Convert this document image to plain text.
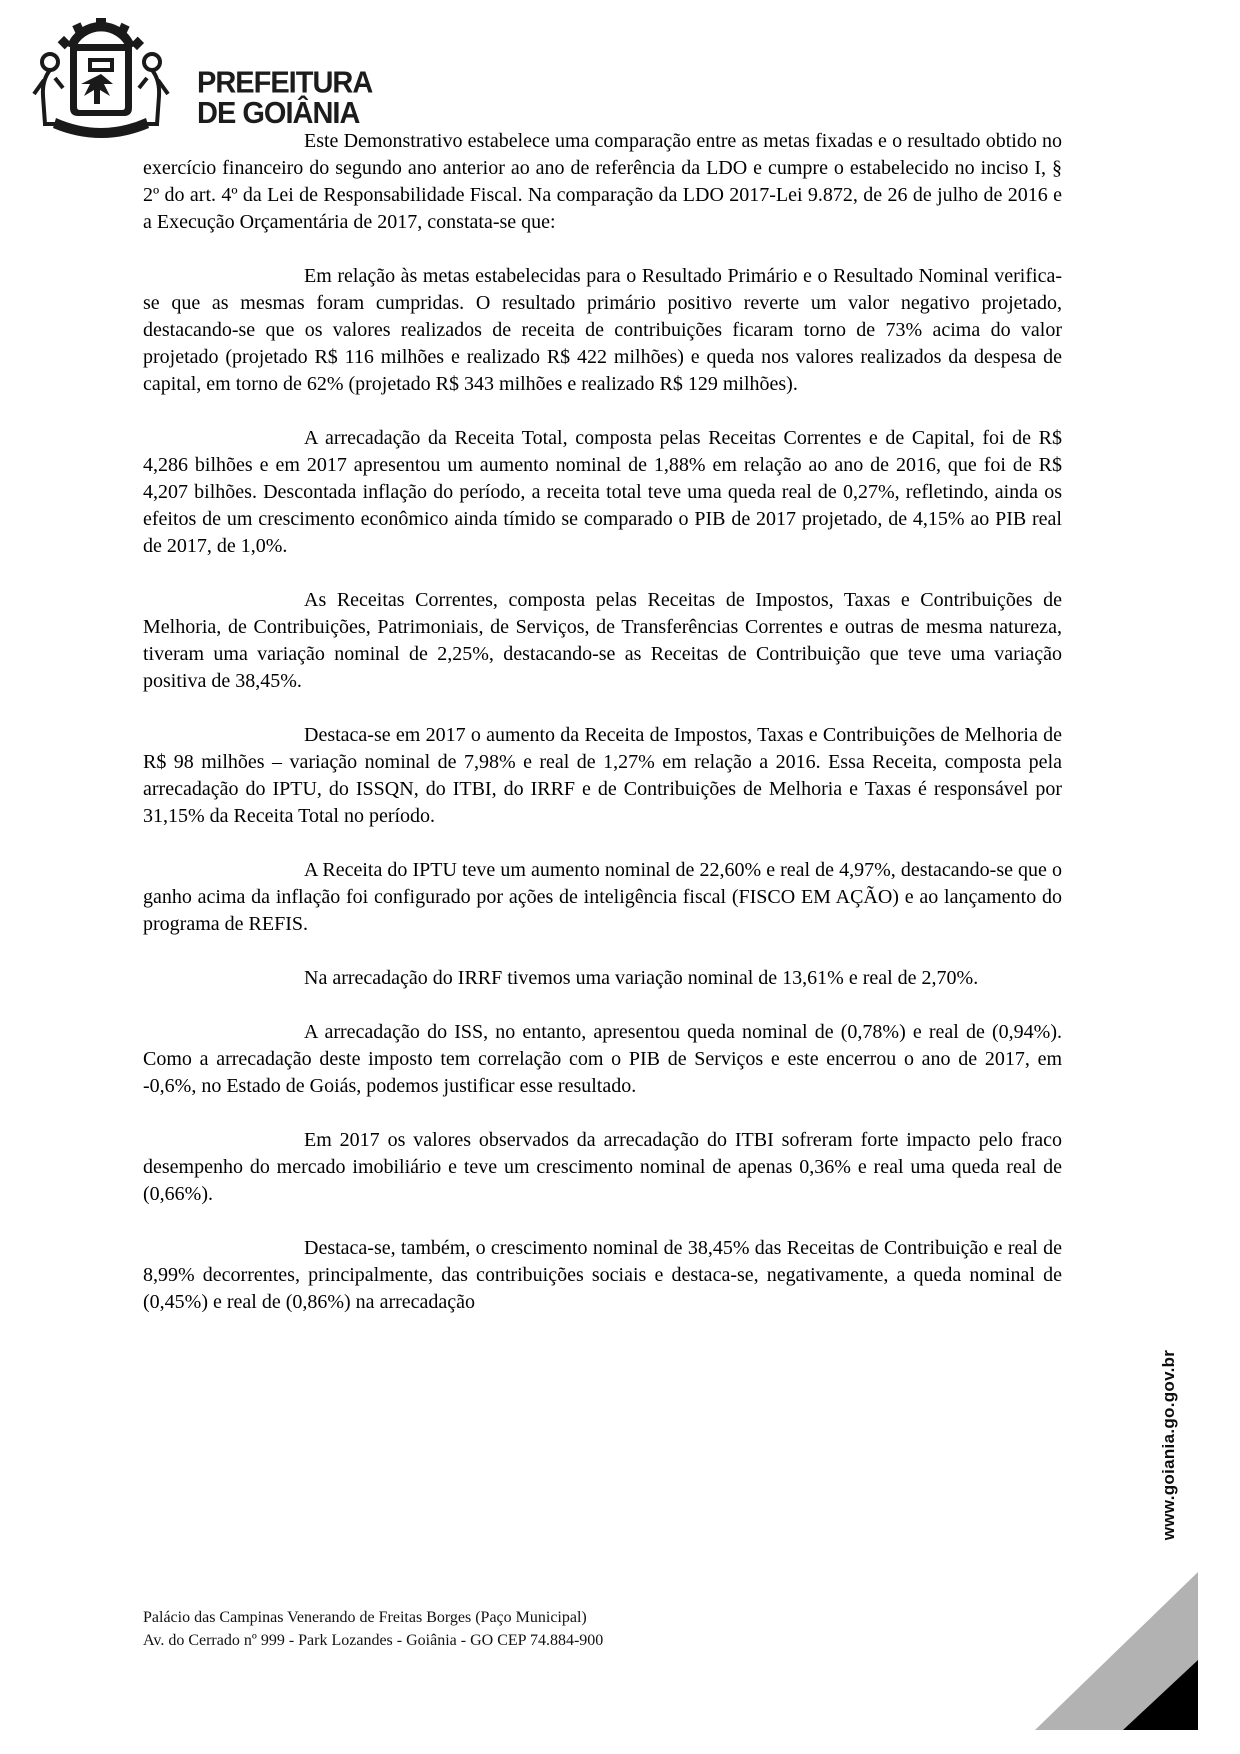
PREFEITURA
DE GOIÂNIA

Este Demonstrativo estabelece uma comparação entre as metas fixadas e o resultado obtido no exercício financeiro do segundo ano anterior ao ano de referência da LDO e cumpre o estabelecido no inciso I, § 2º do art. 4º da Lei de Responsabilidade Fiscal. Na comparação da LDO 2017-Lei 9.872, de 26 de julho de 2016 e a Execução Orçamentária de 2017, constata-se que:

Em relação às metas estabelecidas para o Resultado Primário e o Resultado Nominal verifica-se que as mesmas foram cumpridas. O resultado primário positivo reverte um valor negativo projetado, destacando-se que os valores realizados de receita de contribuições ficaram torno de 73% acima do valor projetado (projetado R$ 116 milhões e realizado R$ 422 milhões) e queda nos valores realizados da despesa de capital, em torno de 62% (projetado R$ 343 milhões e realizado R$ 129 milhões).

A arrecadação da Receita Total, composta pelas Receitas Correntes e de Capital, foi de R$ 4,286 bilhões e em 2017 apresentou um aumento nominal de 1,88% em relação ao ano de 2016, que foi de R$ 4,207 bilhões. Descontada inflação do período, a receita total teve uma queda real de 0,27%, refletindo, ainda os efeitos de um crescimento econômico ainda tímido se comparado o PIB de 2017 projetado, de 4,15% ao PIB real de 2017, de 1,0%.

As Receitas Correntes, composta pelas Receitas de Impostos, Taxas e Contribuições de Melhoria, de Contribuições, Patrimoniais, de Serviços, de Transferências Correntes e outras de mesma natureza, tiveram uma variação nominal de 2,25%, destacando-se as Receitas de Contribuição que teve uma variação positiva de 38,45%.

Destaca-se em 2017 o aumento da Receita de Impostos, Taxas e Contribuições de Melhoria de R$ 98 milhões – variação nominal de 7,98% e real de 1,27% em relação a 2016. Essa Receita, composta pela arrecadação do IPTU, do ISSQN, do ITBI, do IRRF e de Contribuições de Melhoria e Taxas é responsável por 31,15% da Receita Total no período.

A Receita do IPTU teve um aumento nominal de 22,60% e real de 4,97%, destacando-se que o ganho acima da inflação foi configurado por ações de inteligência fiscal (FISCO EM AÇÃO) e ao lançamento do programa de REFIS.

Na arrecadação do IRRF tivemos uma variação nominal de 13,61% e real de 2,70%.

A arrecadação do ISS, no entanto, apresentou queda nominal de (0,78%) e real de (0,94%). Como a arrecadação deste imposto tem correlação com o PIB de Serviços e este encerrou o ano de 2017, em -0,6%, no Estado de Goiás, podemos justificar esse resultado.

Em 2017 os valores observados da arrecadação do ITBI sofreram forte impacto pelo fraco desempenho do mercado imobiliário e teve um crescimento nominal de apenas 0,36% e real uma queda real de (0,66%).

Destaca-se, também, o crescimento nominal de 38,45% das Receitas de Contribuição e real de 8,99% decorrentes, principalmente, das contribuições sociais e destaca-se, negativamente, a queda nominal de (0,45%) e real de (0,86%) na arrecadação

Palácio das Campinas Venerando de Freitas Borges (Paço Municipal)
Av. do Cerrado nº 999 - Park Lozandes - Goiânia - GO CEP 74.884-900
www.goiania.go.gov.br
